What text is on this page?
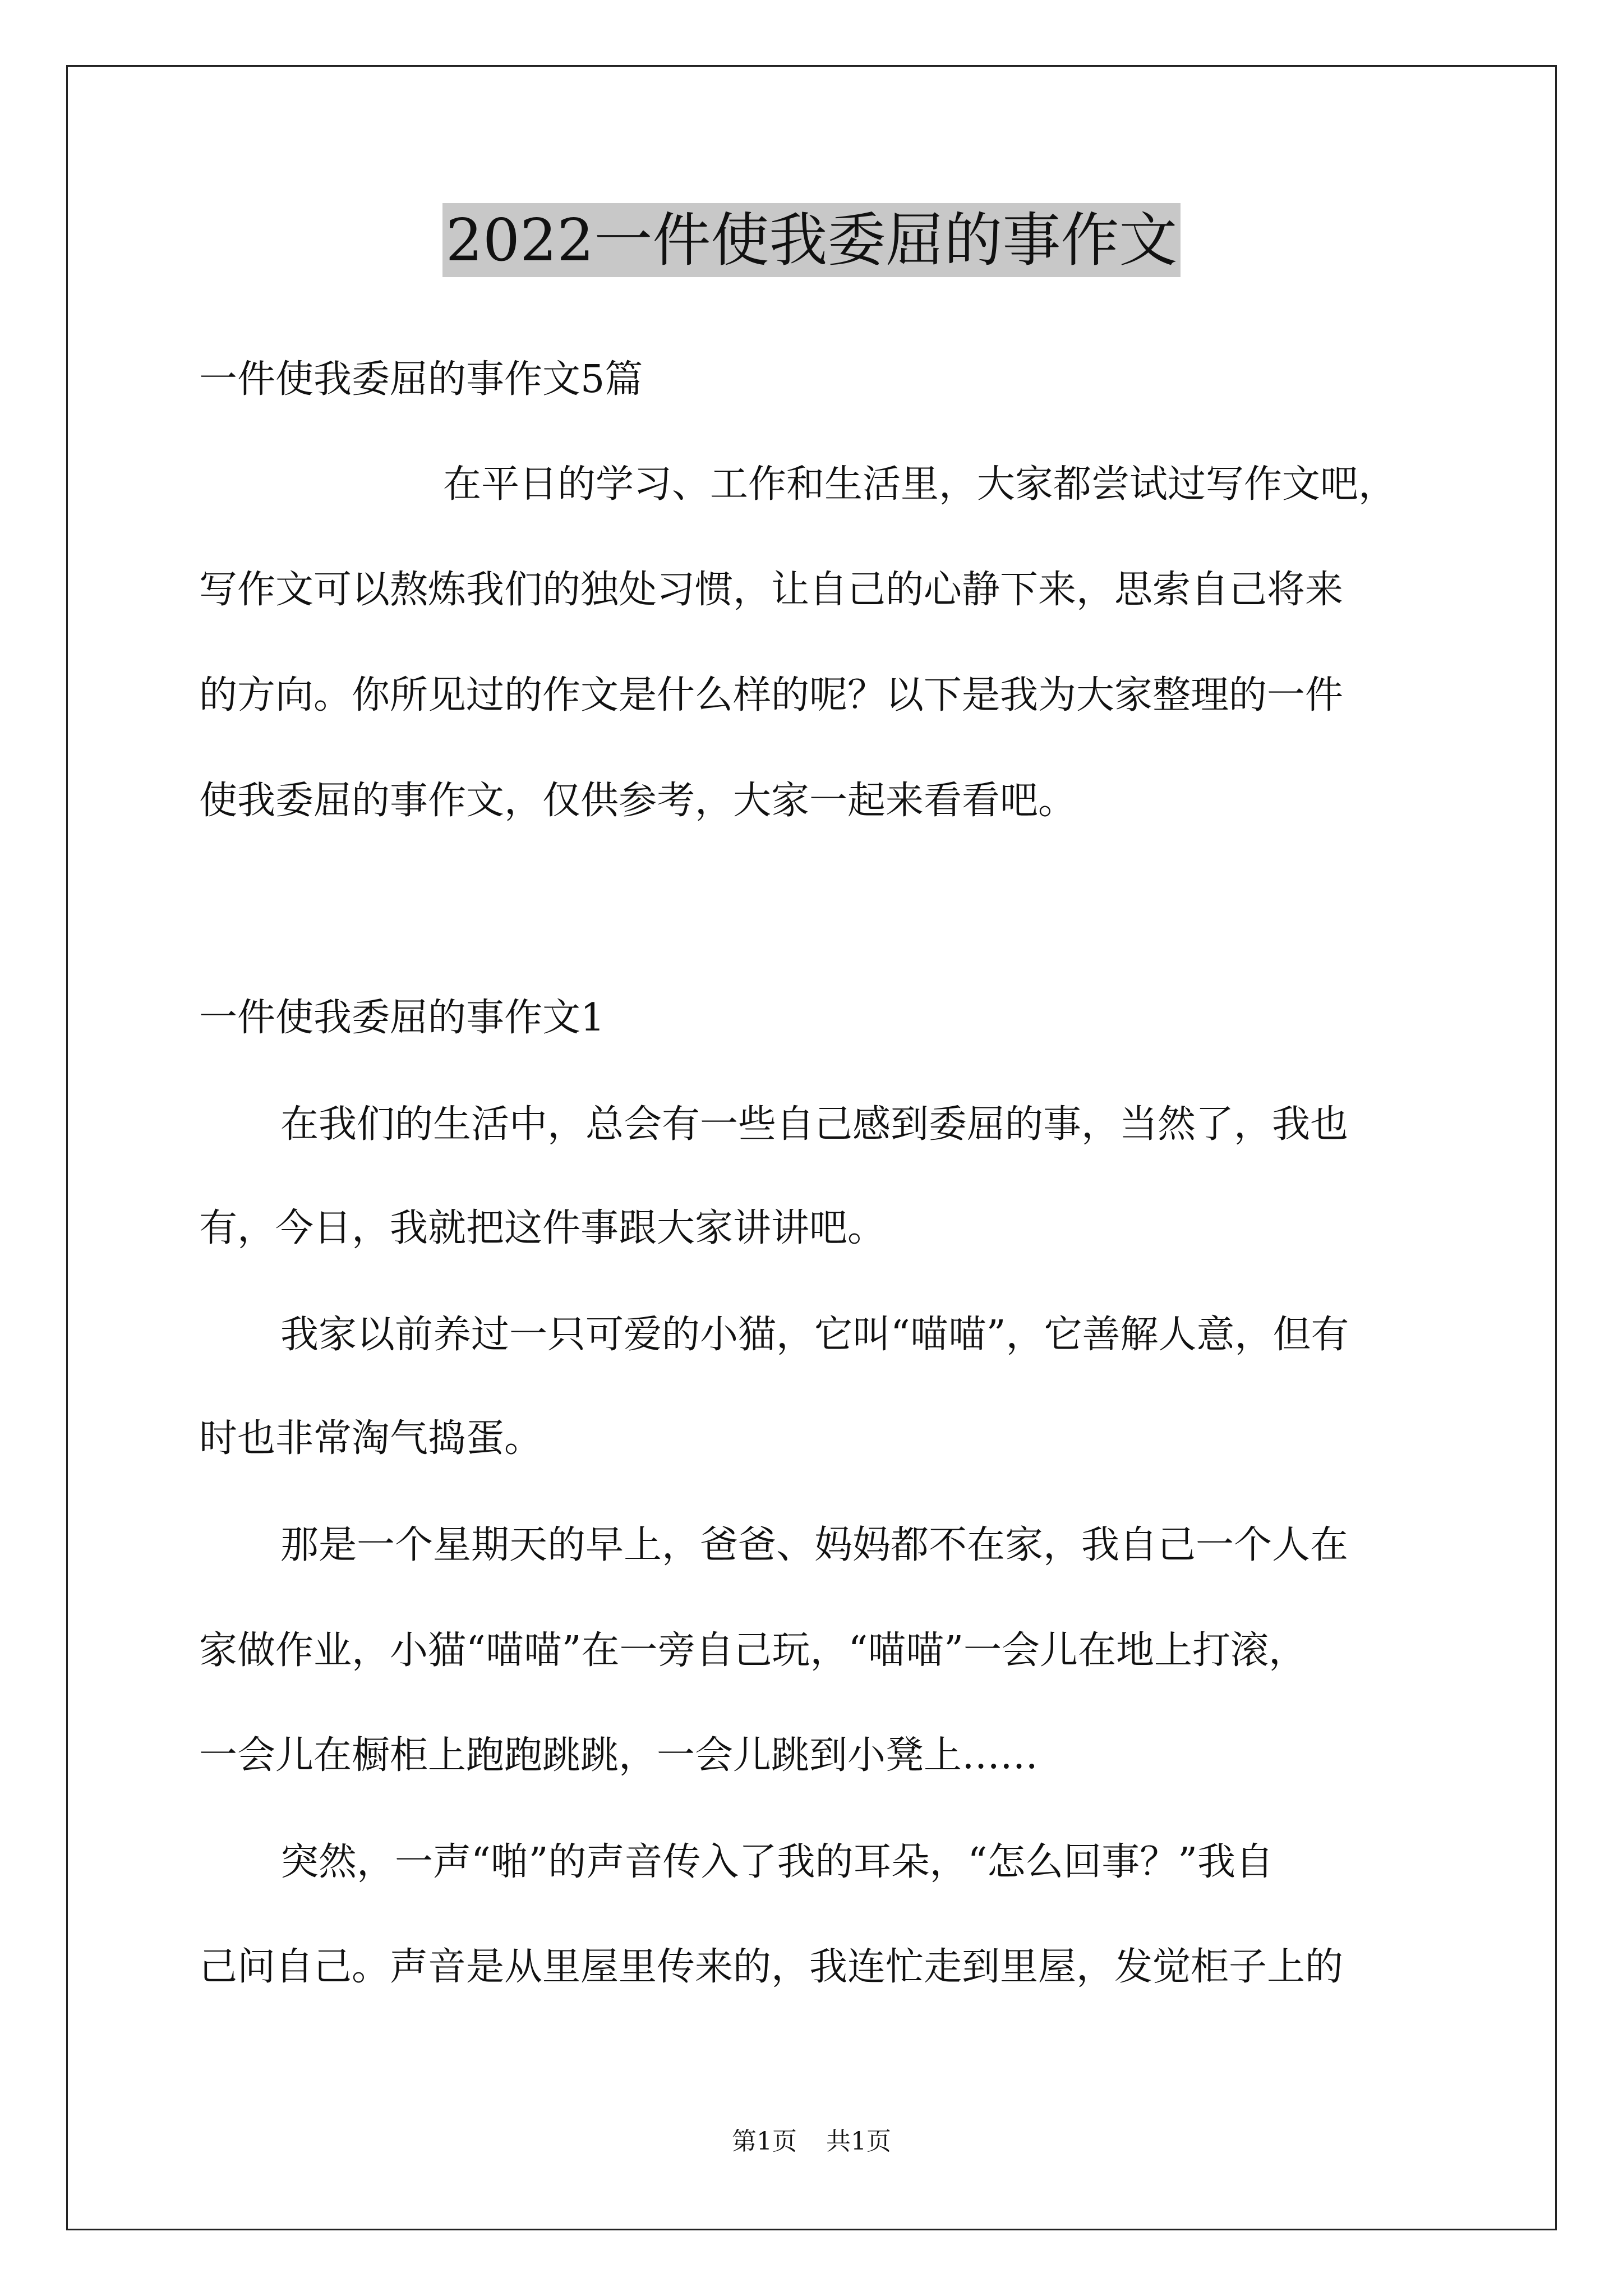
2022一件使我委屈的事作文
一件使我委屈的事作文5篇
在平日的学习、工作和生活里，大家都尝试过写作文吧，
写作文可以熬炼我们的独处习惯，让自己的心静下来，思索自己将来
的方向。你所见过的作文是什么样的呢？以下是我为大家整理的一件
使我委屈的事作文，仅供参考，大家一起来看看吧。
一件使我委屈的事作文1
在我们的生活中，总会有一些自己感到委屈的事，当然了，我也
有，今日，我就把这件事跟大家讲讲吧。
我家以前养过一只可爱的小猫，它叫“喵喵”，它善解人意，但有
时也非常淘气捣蛋。
那是一个星期天的早上，爸爸、妈妈都不在家，我自己一个人在
家做作业，小猫“喵喵”在一旁自己玩，“喵喵”一会儿在地上打滚，
一会儿在橱柜上跑跑跳跳，一会儿跳到小凳上……
突然，一声“啪”的声音传入了我的耳朵，“怎么回事？”我自
己问自己。声音是从里屋里传来的，我连忙走到里屋，发觉柜子上的
第1页 共1页
